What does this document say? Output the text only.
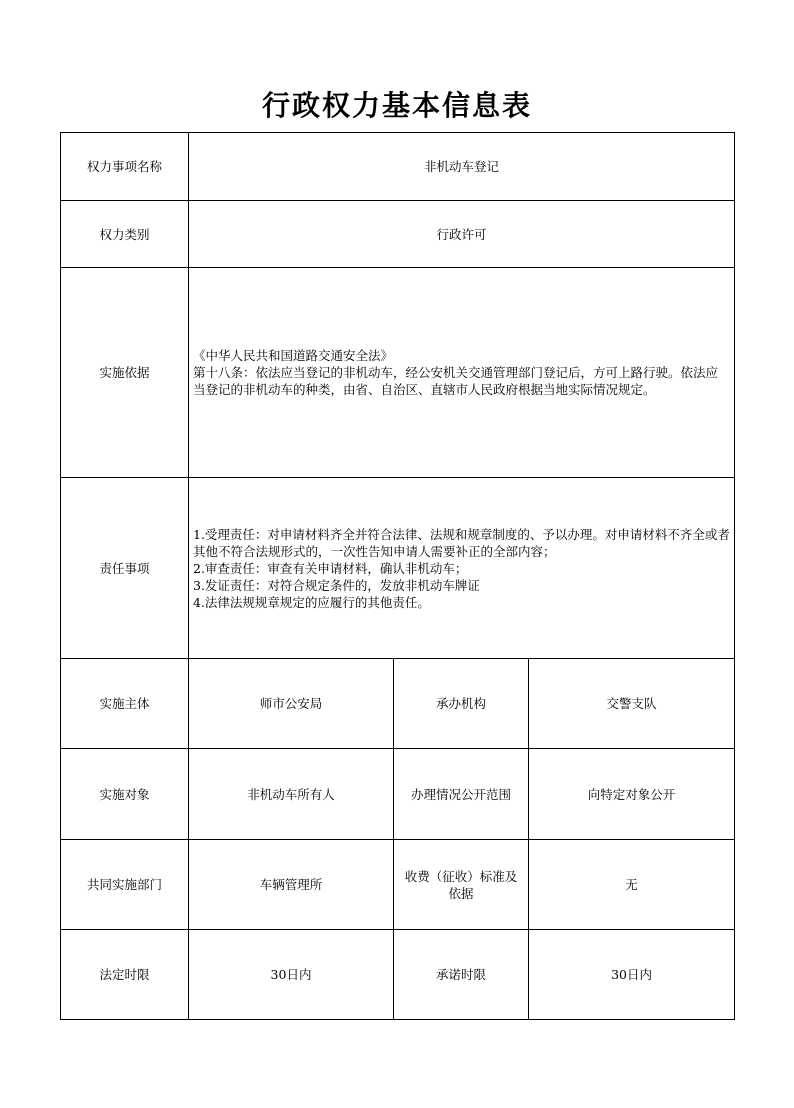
行政权力基本信息表
权力事项名称	非机动车登记		
权力类别	行政许可		
实施依据	《中华人民共和国道路交通安全法》
第十八条：依法应当登记的非机动车，经公安机关交通管理部门登记后，方可上路行驶。依法应当登记的非机动车的种类，由省、自治区、直辖市人民政府根据当地实际情况规定。		

责任事项	1.受理责任：对申请材料齐全并符合法律、法规和规章制度的、予以办理。对申请材料不齐全或者其他不符合法规形式的，一次性告知申请人需要补正的全部内容；
2.审查责任：审查有关申请材料，确认非机动车；
3.发证责任：对符合规定条件的，发放非机动车牌证
4.法律法规规章规定的应履行的其他责任。		

实施主体	师市公安局	承办机构	交警支队
实施对象	非机动车所有人	办理情况公开范围	向特定对象公开
共同实施部门	车辆管理所	收费（征收）标准及依据	无
法定时限	30日内	承诺时限	30日内
